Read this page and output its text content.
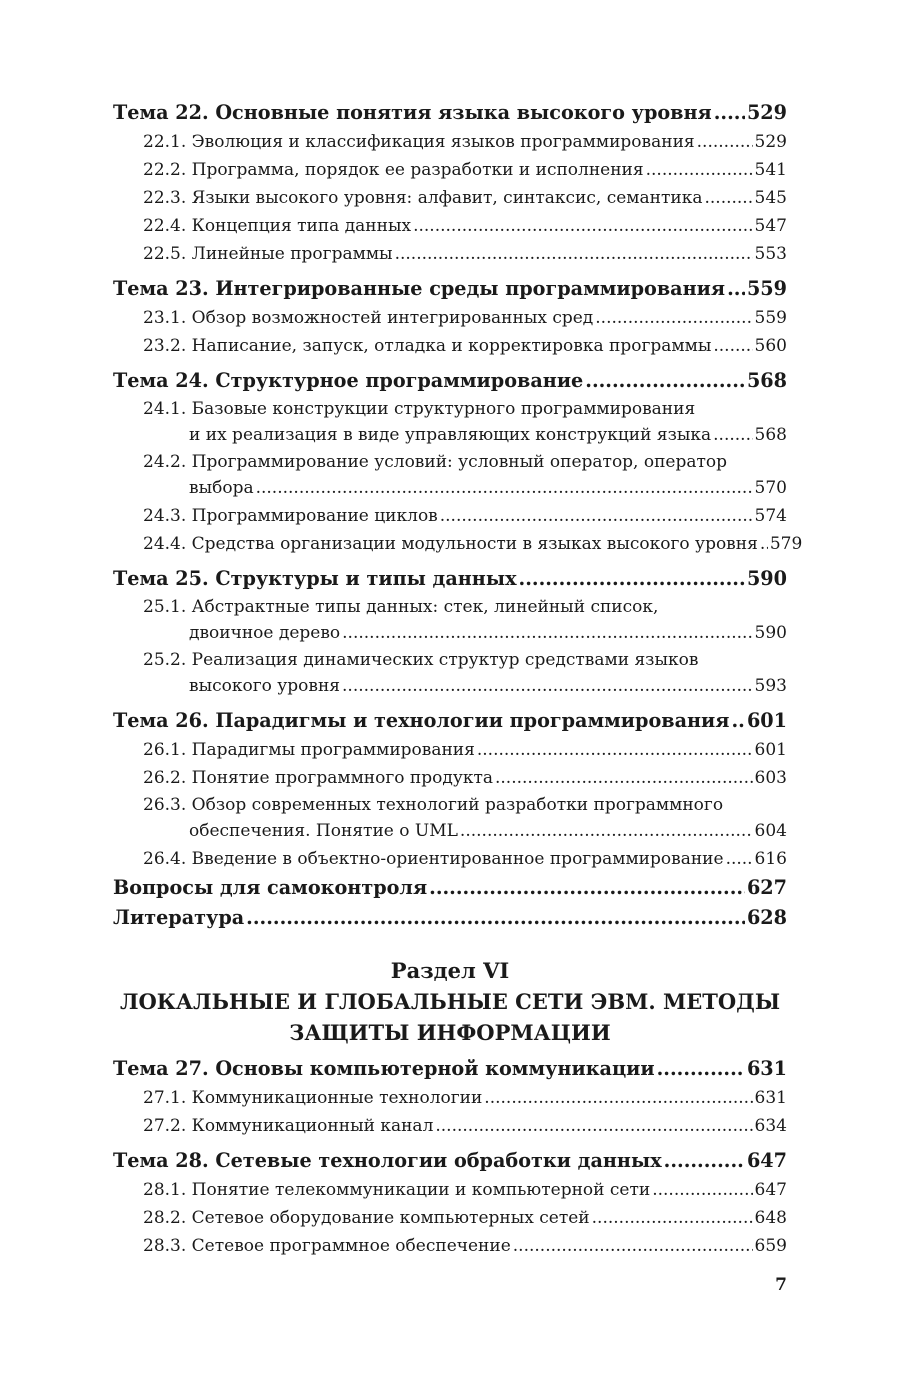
Тема 22. Основные понятия языка высокого уровня ..... 529
22.1. Эволюция и классификация языков программирования .....	529
22.2. Программа, порядок ее разработки и исполнения .....	541
22.3. Языки высокого уровня: алфавит, синтаксис, семантика .....	545
22.4. Концепция типа данных .....	547
22.5. Линейные программы .....	553
Тема 23. Интегрированные среды программирования ..... 559
23.1. Обзор возможностей интегрированных сред .....	559
23.2. Написание, запуск, отладка и корректировка программы .....	560
Тема 24. Структурное программирование .....	568
24.1. Базовые конструкции структурного программирования
и их реализация в виде управляющих конструкций языка .....	568
24.2. Программирование условий: условный оператор, оператор
выбора .....	570
24.3. Программирование циклов .....	574
24.4. Средства организации модульности в языках высокого уровня ..... 579
Тема 25. Структуры и типы данных .....	590
25.1. Абстрактные типы данных: стек, линейный список,
двоичное дерево .....	590
25.2. Реализация динамических структур средствами языков
высокого уровня .....	593
Тема 26. Парадигмы и технологии программирования ..... 601
26.1. Парадигмы программирования .....	601
26.2. Понятие программного продукта .....	603
26.3. Обзор современных технологий разработки программного
обеспечения. Понятие о UML .....	604
26.4. Введение в объектно-ориентированное программирование ..... 616
Вопросы для самоконтроля .....	627
Литература .....	628
Раздел VI
ЛОКАЛЬНЫЕ И ГЛОБАЛЬНЫЕ СЕТИ ЭВМ. МЕТОДЫ
ЗАЩИТЫ ИНФОРМАЦИИ
Тема 27. Основы компьютерной коммуникации .....	631
27.1. Коммуникационные технологии .....	631
27.2. Коммуникационный канал .....	634
Тема 28. Сетевые технологии обработки данных .....	647
28.1. Понятие телекоммуникации и компьютерной сети .....	647
28.2. Сетевое оборудование компьютерных сетей .....	648
28.3. Сетевое программное обеспечение .....	659
7
